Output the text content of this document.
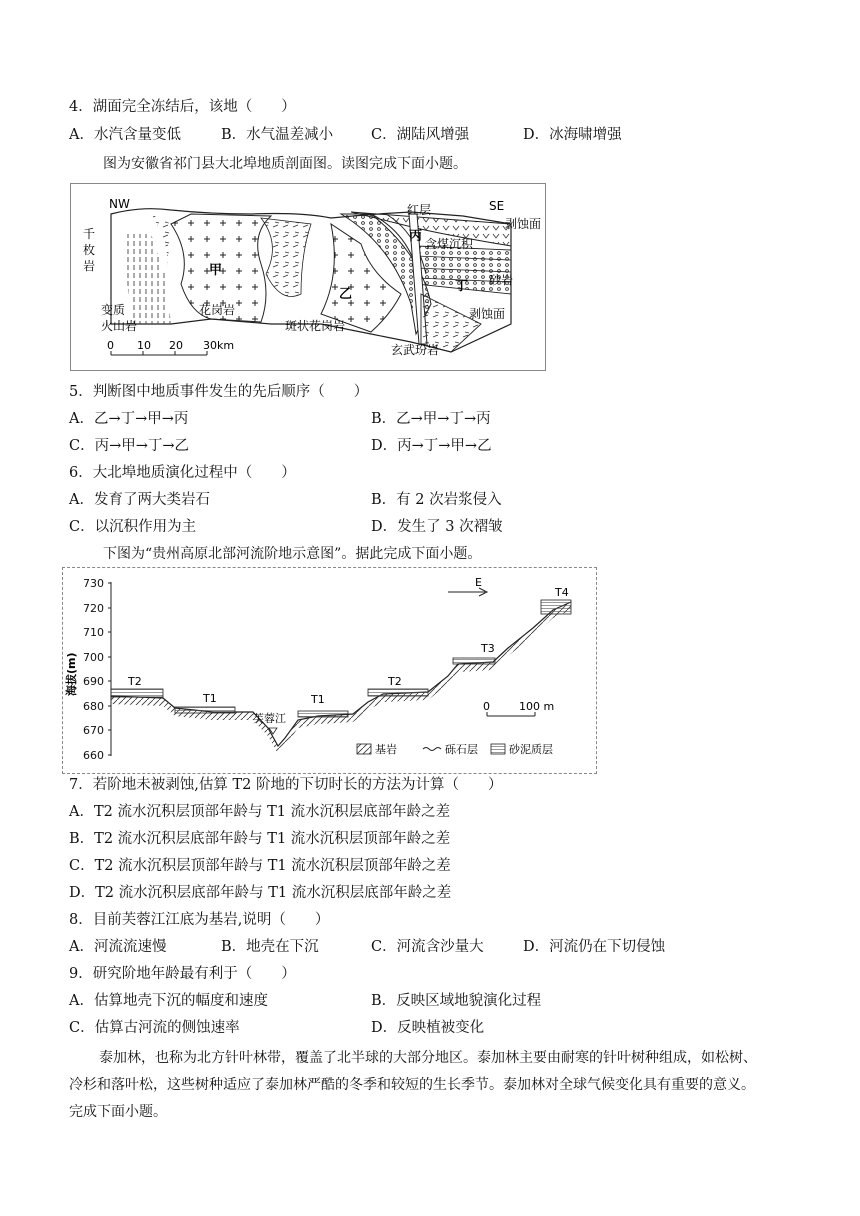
4．湖面完全冻结后，该地（　　）
A．水汽含量变低	B．水气温差减小	C．湖陆风增强	D．冰海啸增强
图为安徽省祁门县大北埠地质剖面图。读图完成下面小题。
NW	SE
红层
剥蚀面
千
枚
岩
变质
火山岩
甲
丙 含煤沉积
丁
乙
砂岩
剥蚀面
花岗岩
斑状花岗岩
玄武玢岩
0 10 20 30km
5．判断图中地质事件发生的先后顺序（　　）
A．乙→丁→甲→丙	B．乙→甲→丁→丙
C．丙→甲→丁→乙	D．丙→丁→甲→乙
6．大北埠地质演化过程中（　　）
A．发育了两大类岩石	B．有 2 次岩浆侵入
C．以沉积作用为主	D．发生了 3 次褶皱
下图为“贵州高原北部河流阶地示意图”。据此完成下面小题。
730
720
710
700
690
680
670
660
海拔(m)	T2
T1	T1
T2
T3
T4
芙蓉江
E
0	100 m
基岩	砾石层	砂泥质层
7．若阶地未被剥蚀,估算 T2 阶地的下切时长的方法为计算（　　）
A．T2 流水沉积层顶部年龄与 T1 流水沉积层底部年龄之差
B．T2 流水沉积层底部年龄与 T1 流水沉积层顶部年龄之差
C．T2 流水沉积层顶部年龄与 T1 流水沉积层顶部年龄之差
D．T2 流水沉积层底部年龄与 T1 流水沉积层底部年龄之差
8．目前芙蓉江江底为基岩,说明（　　）
A．河流流速慢	B．地壳在下沉	C．河流含沙量大	D．河流仍在下切侵蚀
9．研究阶地年龄最有利于（　　）
A．估算地壳下沉的幅度和速度	B．反映区域地貌演化过程
C．估算古河流的侧蚀速率	D．反映植被变化
泰加林，也称为北方针叶林带，覆盖了北半球的大部分地区。泰加林主要由耐寒的针叶树种组成，如松树、
冷杉和落叶松，这些树种适应了泰加林严酷的冬季和较短的生长季节。泰加林对全球气候变化具有重要的意义。
完成下面小题。
